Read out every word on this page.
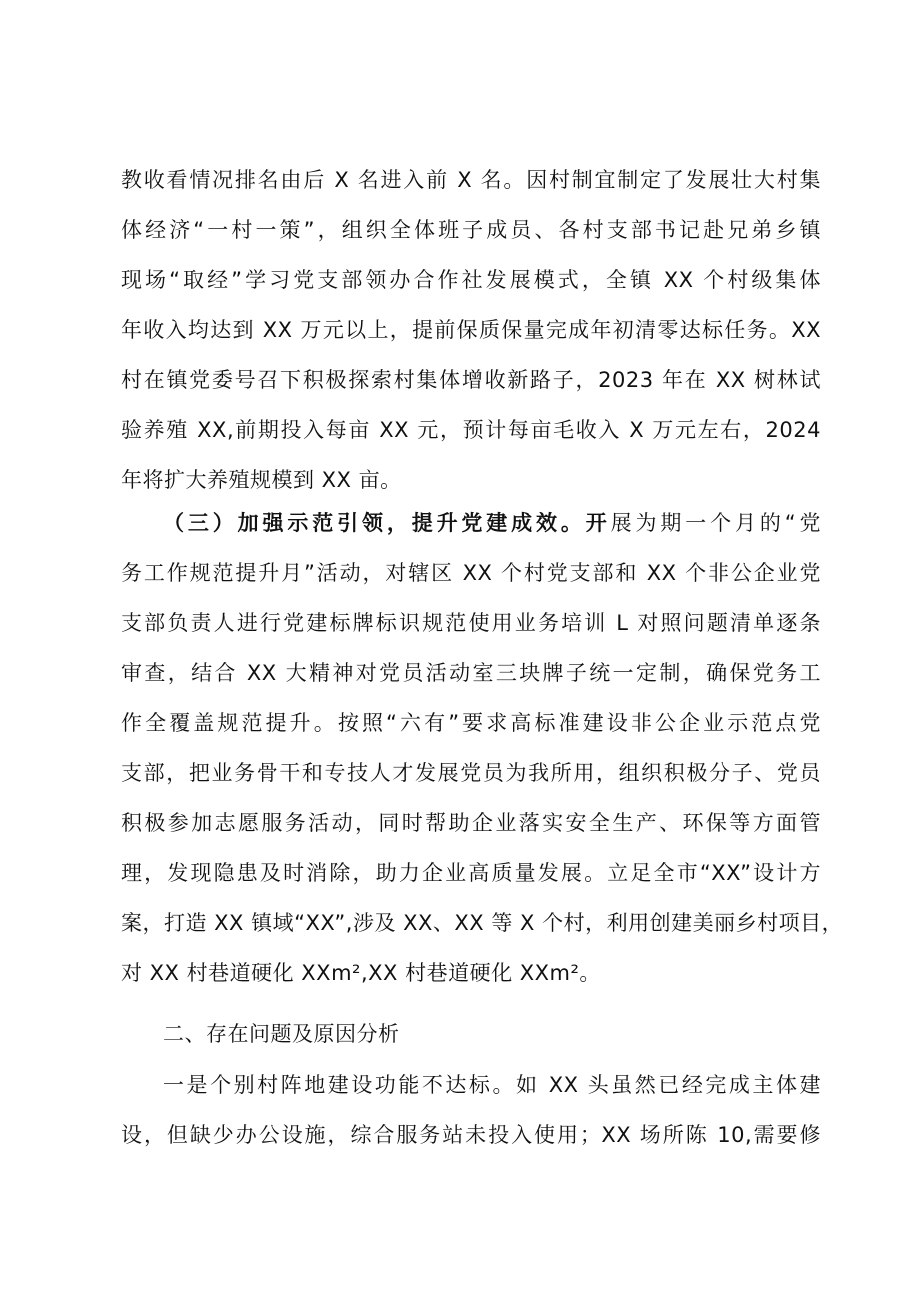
教收看情况排名由后 X 名进入前 X 名。因村制宜制定了发展壮大村集
体经济“一村一策”，组织全体班子成员、各村支部书记赴兄弟乡镇
现场“取经”学习党支部领办合作社发展模式，全镇 XX 个村级集体
年收入均达到 XX 万元以上，提前保质保量完成年初清零达标任务。XX
村在镇党委号召下积极探索村集体增收新路子，2023 年在 XX 树林试
验养殖 XX,前期投入每亩 XX 元，预计每亩毛收入 X 万元左右，2024
年将扩大养殖规模到 XX 亩。
（三）加强示范引领，提升党建成效。开展为期一个月的“党
务工作规范提升月”活动，对辖区 XX 个村党支部和 XX 个非公企业党
支部负责人进行党建标牌标识规范使用业务培训 L 对照问题清单逐条
审查，结合 XX 大精神对党员活动室三块牌子统一定制，确保党务工
作全覆盖规范提升。按照“六有”要求高标准建设非公企业示范点党
支部，把业务骨干和专技人才发展党员为我所用，组织积极分子、党员
积极参加志愿服务活动，同时帮助企业落实安全生产、环保等方面管
理，发现隐患及时消除，助力企业高质量发展。立足全市“XX”设计方
案，打造 XX 镇域“XX”,涉及 XX、XX 等 X 个村，利用创建美丽乡村项目，
对 XX 村巷道硬化 XXm²,XX 村巷道硬化 XXm²。
二、存在问题及原因分析
一是个别村阵地建设功能不达标。如 XX 头虽然已经完成主体建
设，但缺少办公设施，综合服务站未投入使用；XX 场所陈 10,需要修
